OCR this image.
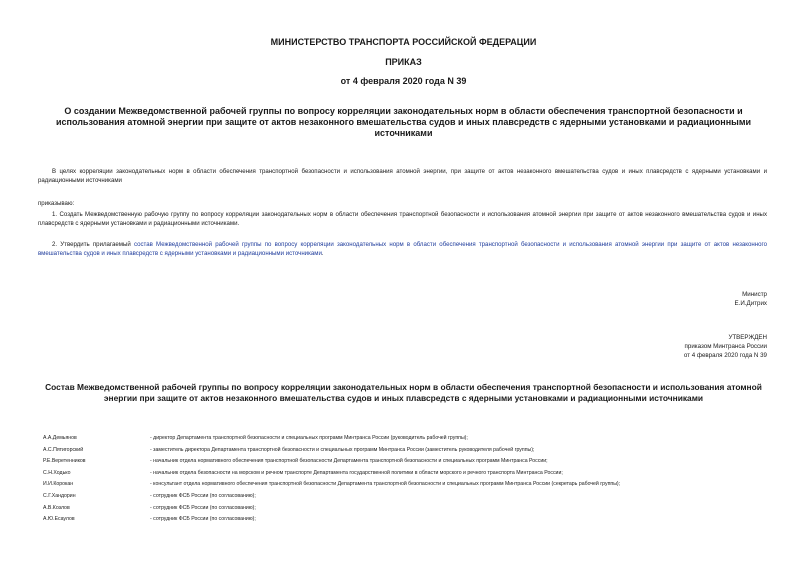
МИНИСТЕРСТВО ТРАНСПОРТА РОССИЙСКОЙ ФЕДЕРАЦИИ
ПРИКАЗ
от 4 февраля 2020 года N 39
О создании Межведомственной рабочей группы по вопросу корреляции законодательных норм в области обеспечения транспортной безопасности и использования атомной энергии при защите от актов незаконного вмешательства судов и иных плавсредств с ядерными установками и радиационными источниками
В целях корреляции законодательных норм в области обеспечения транспортной безопасности и использования атомной энергии, при защите от актов незаконного вмешательства судов и иных плавсредств с ядерными установками и радиационными источниками
приказываю:
1. Создать Межведомственную рабочую группу по вопросу корреляции законодательных норм в области обеспечения транспортной безопасности и использования атомной энергии при защите от актов незаконного вмешательства судов и иных плавсредств с ядерными установками и радиационными источниками.
2. Утвердить прилагаемый состав Межведомственной рабочей группы по вопросу корреляции законодательных норм в области обеспечения транспортной безопасности и использования атомной энергии при защите от актов незаконного вмешательства судов и иных плавсредств с ядерными установками и радиационными источниками.
Министр
Е.И.Дитрих
УТВЕРЖДЕН
приказом Минтранса России
от 4 февраля 2020 года N 39
Состав Межведомственной рабочей группы по вопросу корреляции законодательных норм в области обеспечения транспортной безопасности и использования атомной энергии при защите от актов незаконного вмешательства судов и иных плавсредств с ядерными установками и радиационными источниками
А.А.Демьянов	- директор Департамента транспортной безопасности и специальных программ Минтранса России (руководитель рабочей группы);
А.С.Пятигорский	- заместитель директора Департамента транспортной безопасности и специальных программ Минтранса России (заместитель руководителя рабочей группы);
Р.Е.Веретенников	- начальник отдела нормативного обеспечения транспортной безопасности Департамента транспортной безопасности и специальных программ Минтранса России;
С.Н.Ходько	- начальник отдела безопасности на морском и речном транспорте Департамента государственной политики в области морского и речного транспорта Минтранса России;
И.И.Корокан	- консультант отдела нормативного обеспечения транспортной безопасности Департамента транспортной безопасности и специальных программ Минтранса России (секретарь рабочей группы);
С.Г.Хандорин	- сотрудник ФСБ России (по согласованию);
А.В.Козлов	- сотрудник ФСБ России (по согласованию);
А.Ю.Есаулов	- сотрудник ФСБ России (по согласованию);
